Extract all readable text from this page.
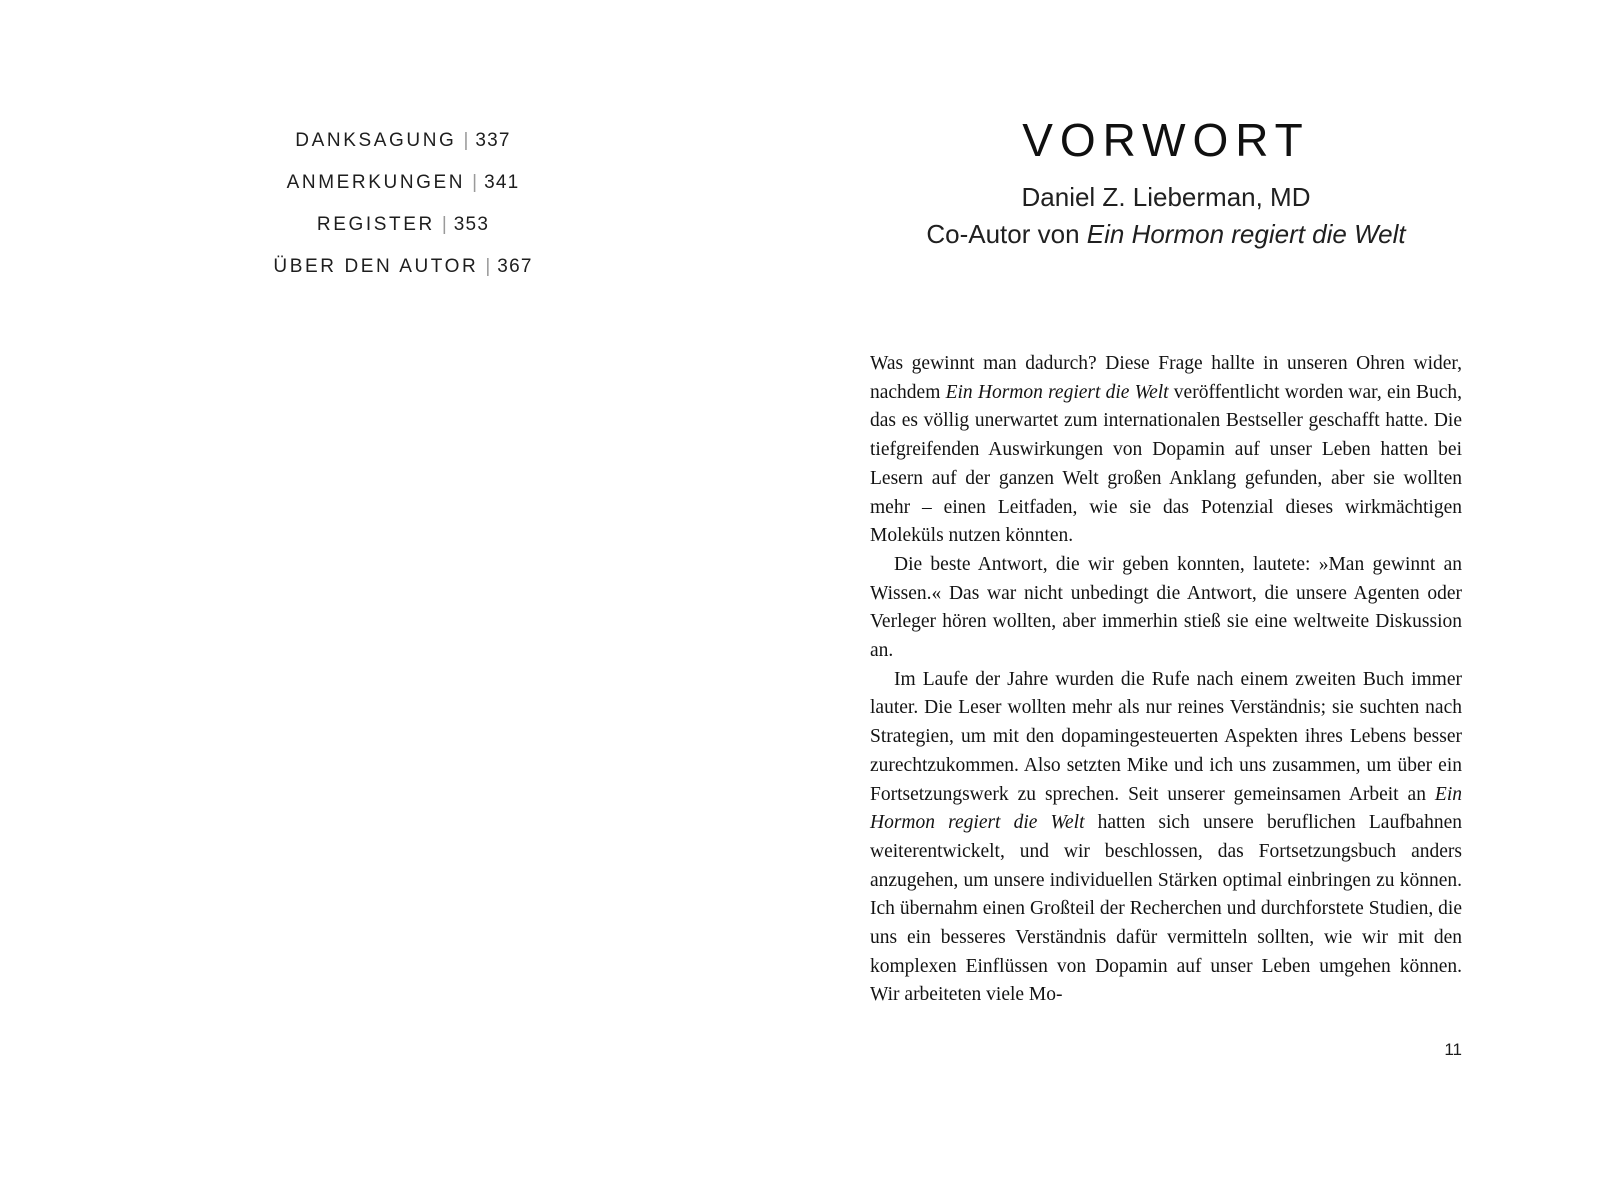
DANKSAGUNG | 337
ANMERKUNGEN | 341
REGISTER | 353
ÜBER DEN AUTOR | 367
VORWORT
Daniel Z. Lieberman, MD
Co-Autor von Ein Hormon regiert die Welt

Was gewinnt man dadurch? Diese Frage hallte in unseren Ohren wider, nachdem Ein Hormon regiert die Welt veröffentlicht worden war, ein Buch, das es völlig unerwartet zum internationalen Bestseller geschafft hatte. Die tiefgreifenden Auswirkungen von Dopamin auf unser Leben hatten bei Lesern auf der ganzen Welt großen Anklang gefunden, aber sie wollten mehr – einen Leitfaden, wie sie das Potenzial dieses wirkmächtigen Moleküls nutzen könnten.

Die beste Antwort, die wir geben konnten, lautete: »Man gewinnt an Wissen.« Das war nicht unbedingt die Antwort, die unsere Agenten oder Verleger hören wollten, aber immerhin stieß sie eine weltweite Diskussion an.

Im Laufe der Jahre wurden die Rufe nach einem zweiten Buch immer lauter. Die Leser wollten mehr als nur reines Verständnis; sie suchten nach Strategien, um mit den dopamingesteuerten Aspekten ihres Lebens besser zurechtzukommen. Also setzten Mike und ich uns zusammen, um über ein Fortsetzungswerk zu sprechen. Seit unserer gemeinsamen Arbeit an Ein Hormon regiert die Welt hatten sich unsere beruflichen Laufbahnen weiterentwickelt, und wir beschlossen, das Fortsetzungsbuch anders anzugehen, um unsere individuellen Stärken optimal einbringen zu können. Ich übernahm einen Großteil der Recherchen und durchforstete Studien, die uns ein besseres Verständnis dafür vermitteln sollten, wie wir mit den komplexen Einflüssen von Dopamin auf unser Leben umgehen können. Wir arbeiteten viele Mo-

11
